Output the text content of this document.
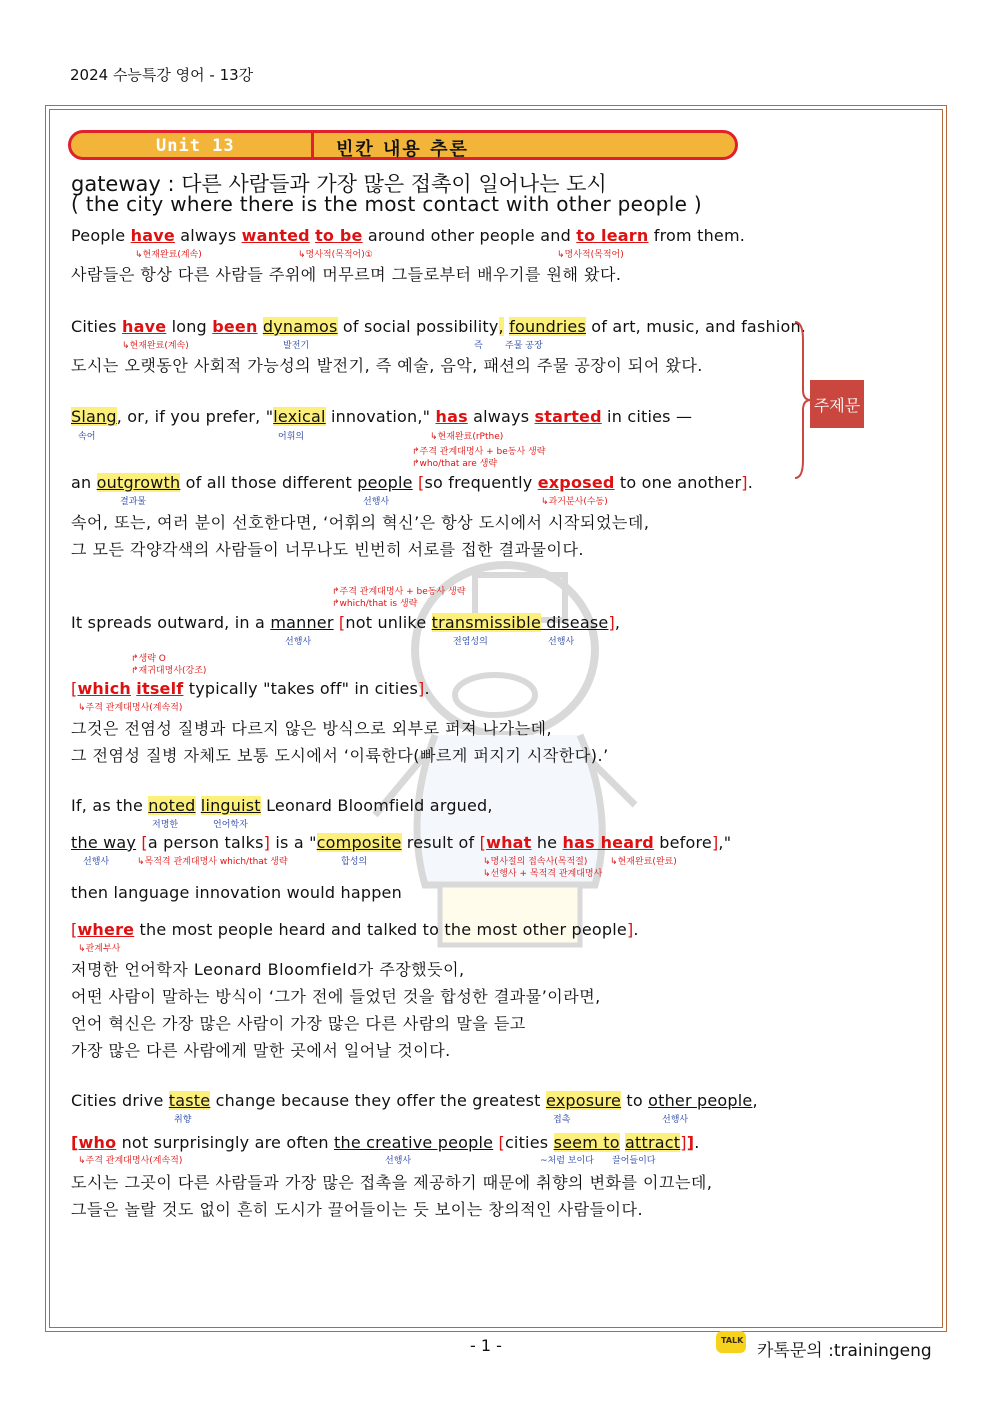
2024 수능특강 영어 - 13강
Unit 13	빈칸 내용 추론
gateway : 다른 사람들과 가장 많은 접촉이 일어나는 도시
( the city where there is the most contact with other people )
People have always wanted to be around other people and to learn from them.
↳현재완료(계속)	↳명사적(목적어)①	↳명사적(목적어)
사람들은 항상 다른 사람들 주위에 머무르며 그들로부터 배우기를 원해 왔다.
Cities have long been dynamos of social possibility, foundries of art, music, and fashion.
↳현재완료(계속)	발전기	즉 주물 공장
도시는 오랫동안 사회적 가능성의 발전기, 즉 예술, 음악, 패션의 주물 공장이 되어 왔다.
Slang, or, if you prefer, "lexical innovation," has always started in cities —
속어	어휘의	↳현재완료(rPthe)
↱주격 관계대명사 + be동사 생략
↱who/that are 생략
an outgrowth of all those different people [so frequently exposed to one another].
결과물	선행사	↳과거분사(수동)
속어, 또는, 여러 분이 선호한다면, ‘어휘의 혁신’은 항상 도시에서 시작되었는데,
그 모든 각양각색의 사람들이 너무나도 빈번히 서로를 접한 결과물이다.
↱주격 관계대명사 + be동사 생략
↱which/that is 생략
It spreads outward, in a manner [not unlike transmissible disease],
선행사	전염성의	선행사
↱생략 O
↱재귀대명사(강조)
[which itself typically "takes off" in cities].
↳주격 관계대명사(계속적)
그것은 전염성 질병과 다르지 않은 방식으로 외부로 퍼져 나가는데,
그 전염성 질병 자체도 보통 도시에서 ‘이륙한다(빠르게 퍼지기 시작한다).’
If, as the noted linguist Leonard Bloomfield argued,
저명한	언어학자
the way [a person talks] is a "composite result of [what he has heard before],"
선행사	↳목적격 관계대명사 which/that 생략	합성의	↳명사절의 접속사(목적절)	↳현재완료(완료)
↳선행사 + 목적격 관계대명사
then language innovation would happen
[where the most people heard and talked to the most other people].
↳관계부사
저명한 언어학자 Leonard Bloomfield가 주장했듯이,
어떤 사람이 말하는 방식이 ‘그가 전에 들었던 것을 합성한 결과물’이라면,
언어 혁신은 가장 많은 사람이 가장 많은 다른 사람의 말을 듣고
가장 많은 다른 사람에게 말한 곳에서 일어날 것이다.
Cities drive taste change because they offer the greatest exposure to other people,
취향	접촉	선행사
[who not surprisingly are often the creative people [cities seem to attract]].
↳주격 관계대명사(계속적)	선행사	~처럼 보이다 끌어들이다
도시는 그곳이 다른 사람들과 가장 많은 접촉을 제공하기 때문에 취향의 변화를 이끄는데,
그들은 놀랄 것도 없이 흔히 도시가 끌어들이는 듯 보이는 창의적인 사람들이다.
주제문
- 1 -	TALK
카톡문의 :trainingeng
